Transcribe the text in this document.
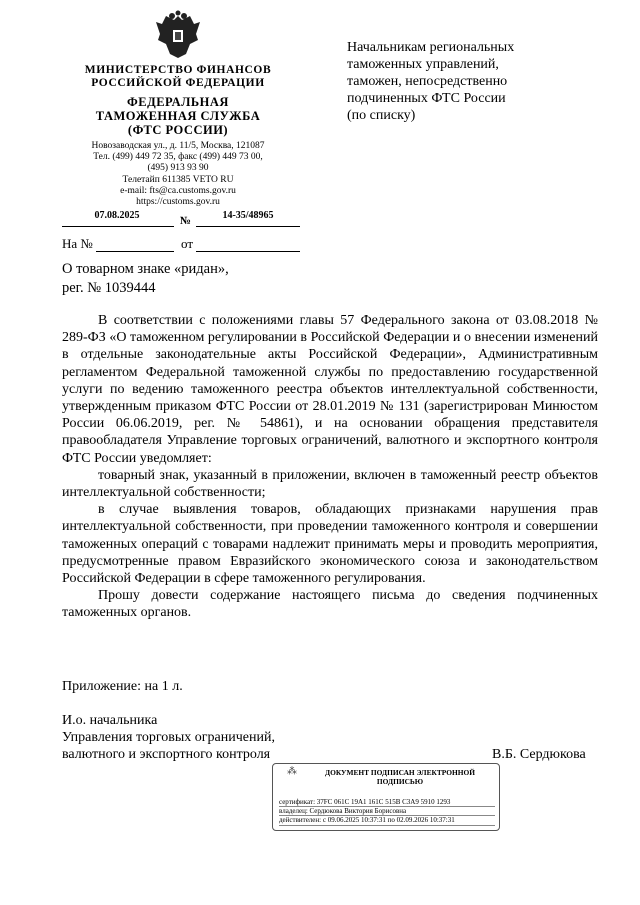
МИНИСТЕРСТВО ФИНАНСОВ
РОССИЙСКОЙ ФЕДЕРАЦИИ
ФЕДЕРАЛЬНАЯ
ТАМОЖЕННАЯ СЛУЖБА
(ФТС РОССИИ)
Новозаводская ул., д. 11/5, Москва, 121087
Тел. (499) 449 72 35, факс (499) 449 73 00,
(495) 913 93 90
Телетайп 611385 VETO RU
e-mail: fts@ca.customs.gov.ru
https://customs.gov.ru
07.08.2025	№	14-35/48965
На №	от
Начальникам региональных
таможенных управлений,
таможен, непосредственно
подчиненных ФТС России
(по списку)
О товарном знаке «ридан»,
рег. № 1039444
В соответствии с положениями главы 57 Федерального закона от 03.08.2018 № 289-ФЗ «О таможенном регулировании в Российской Федерации и о внесении изменений в отдельные законодательные акты Российской Федерации», Административным регламентом Федеральной таможенной службы по предоставлению государственной услуги по ведению таможенного реестра объектов интеллектуальной собственности, утвержденным приказом ФТС России от 28.01.2019 № 131 (зарегистрирован Минюстом России 06.06.2019, рег. № 54861), и на основании обращения представителя правообладателя Управление торговых ограничений, валютного и экспортного контроля ФТС России уведомляет:
товарный знак, указанный в приложении, включен в таможенный реестр объектов интеллектуальной собственности;
в случае выявления товаров, обладающих признаками нарушения прав интеллектуальной собственности, при проведении таможенного контроля и совершении таможенных операций с товарами надлежит принимать меры и проводить мероприятия, предусмотренные правом Евразийского экономического союза и законодательством Российской Федерации в сфере таможенного регулирования.
Прошу довести содержание настоящего письма до сведения подчиненных таможенных органов.
Приложение: на 1 л.
И.о. начальника
Управления торговых ограничений,
валютного и экспортного контроля	В.Б. Сердюкова
⁂	ДОКУМЕНТ ПОДПИСАН ЭЛЕКТРОННОЙ ПОДПИСЬЮ
сертификат: 37FC 061C 19A1 161C 515B C3A9 5910 1293
владелец: Сердюкова Виктория Борисовна
действителен: с 09.06.2025 10:37:31 по 02.09.2026 10:37:31
